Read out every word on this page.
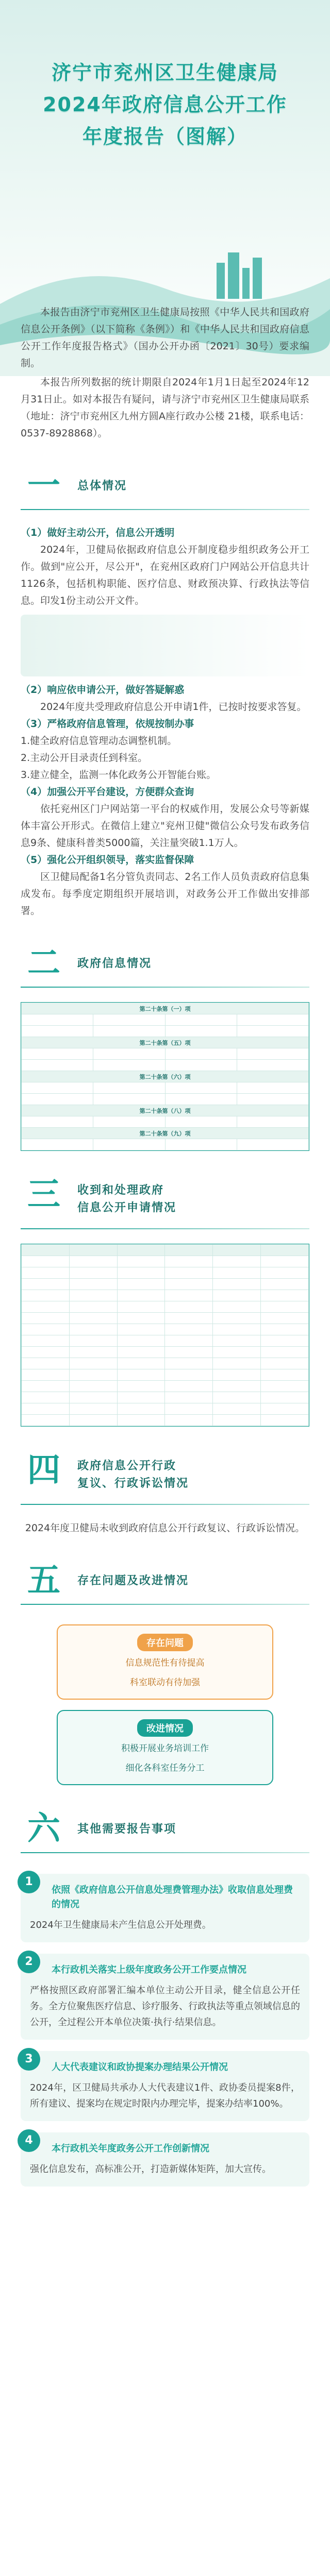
济宁市兖州区卫生健康局
2024年政府信息公开工作
年度报告（图解）

本报告由济宁市兖州区卫生健康局按照《中华人民共和国政府信息公开条例》（以下简称《条例》）和《中华人民共和国政府信息公开工作年度报告格式》（国办公开办函〔2021〕30号）要求编制。

本报告所列数据的统计期限自2024年1月1日起至2024年12月31日止。如对本报告有疑问，请与济宁市兖州区卫生健康局联系（地址：济宁市兖州区九州方圆A座行政办公楼 21楼，联系电话：0537-8928868）。

一	总体情况

（1）做好主动公开，信息公开透明

2024年，卫健局依据政府信息公开制度稳步组织政务公开工作。做到"应公开，尽公开"，在兖州区政府门户网站公开信息共计1126条，包括机构职能、医疗信息、财政预决算、行政执法等信息。印发1份主动公开文件。

（2）响应依申请公开，做好答疑解惑

2024年度共受理政府信息公开申请1件，已按时按要求答复。

（3）严格政府信息管理，依规按制办事

1.健全政府信息管理动态调整机制。

2.主动公开目录责任到科室。

3.建立健全，监测一体化政务公开智能台账。

（4）加强公开平台建设，方便群众查询

依托兖州区门户网站第一平台的权威作用，发展公众号等新媒体丰富公开形式。在微信上建立"兖州卫健"微信公众号发布政务信息9条、健康科普类5000篇，关注量突破1.1万人。

（5）强化公开组织领导，落实监督保障

区卫健局配备1名分管负责同志、2名工作人员负责政府信息集成发布。每季度定期组织开展培训，对政务公开工作做出安排部署。

二	政府信息情况
第二十条第（一）项			

第二十条第（五）项			

第二十条第（六）项			

第二十条第（八）项			

第二十条第（九）项			

三	收到和处理政府
信息公开申请情况

四	政府信息公开行政
复议、行政诉讼情况
2024年度卫健局未收到政府信息公开行政复议、行政诉讼情况。
五	存在问题及改进情况
存在问题
信息规范性有待提高
科室联动有待加强
改进情况
积极开展业务培训工作
细化各科室任务分工
六	其他需要报告事项
1
依照《政府信息公开信息处理费管理办法》收取信息处理费的情况
2024年卫生健康局未产生信息公开处理费。
2
本行政机关落实上级年度政务公开工作要点情况
严格按照区政府部署汇编本单位主动公开目录，健全信息公开任务。全方位聚焦医疗信息、诊疗服务、行政执法等重点领域信息的公开，全过程公开本单位决策·执行·结果信息。
3
人大代表建议和政协提案办理结果公开情况
2024年，区卫健局共承办人大代表建议1件、政协委员提案8件，所有建议、提案均在规定时限内办理完毕，提案办结率100%。
4
本行政机关年度政务公开工作创新情况
强化信息发布，高标准公开，打造新媒体矩阵，加大宣传。
